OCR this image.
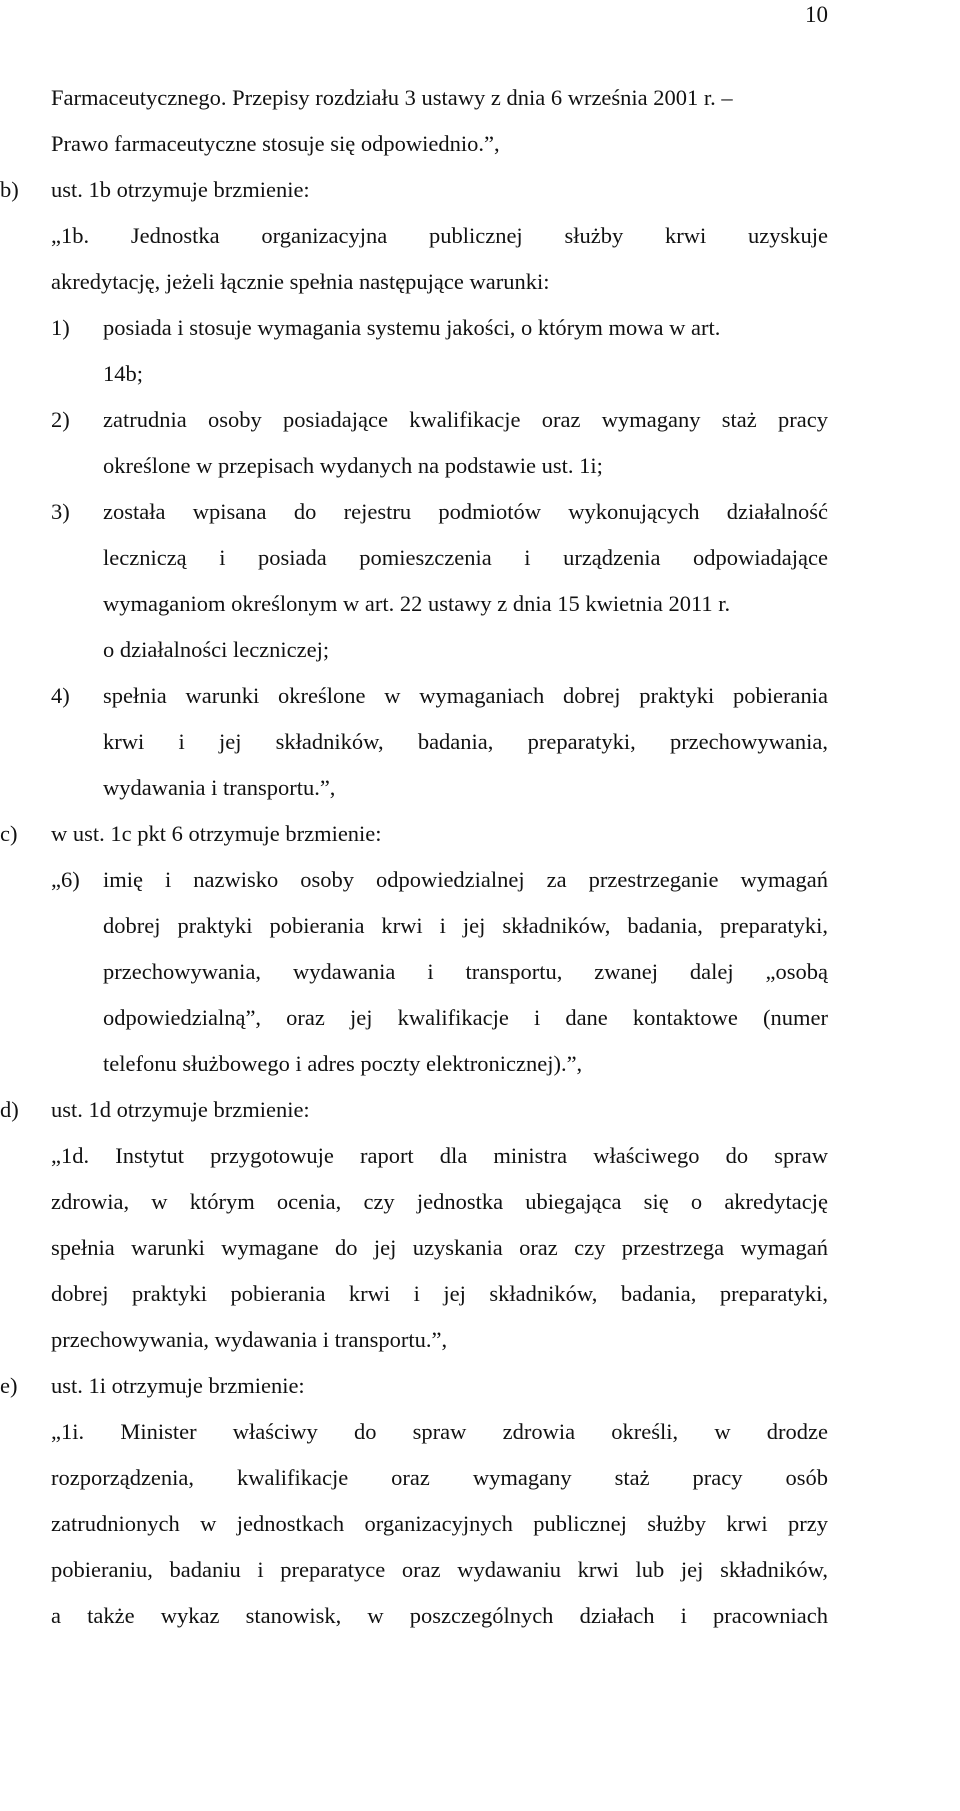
10
Farmaceutycznego. Przepisy rozdziału 3 ustawy z dnia 6 września 2001 r. –
Prawo farmaceutyczne stosuje się odpowiednio.”,
b) ust. 1b otrzymuje brzmienie:
„1b. Jednostka organizacyjna publicznej służby krwi uzyskuje
akredytację, jeżeli łącznie spełnia następujące warunki:
1) posiada i stosuje wymagania systemu jakości, o którym mowa w art.
14b;
2) zatrudnia osoby posiadające kwalifikacje oraz wymagany staż pracy
określone w przepisach wydanych na podstawie ust. 1i;
3) została wpisana do rejestru podmiotów wykonujących działalność
leczniczą i posiada pomieszczenia i urządzenia odpowiadające
wymaganiom określonym w art. 22 ustawy z dnia 15 kwietnia 2011 r.
o działalności leczniczej;
4) spełnia warunki określone w wymaganiach dobrej praktyki pobierania
krwi i jej składników, badania, preparatyki, przechowywania,
wydawania i transportu.”,
c) w ust. 1c pkt 6 otrzymuje brzmienie:
„6) imię i nazwisko osoby odpowiedzialnej za przestrzeganie wymagań
dobrej praktyki pobierania krwi i jej składników, badania, preparatyki,
przechowywania, wydawania i transportu, zwanej dalej „osobą
odpowiedzialną”, oraz jej kwalifikacje i dane kontaktowe (numer
telefonu służbowego i adres poczty elektronicznej).”,
d) ust. 1d otrzymuje brzmienie:
„1d. Instytut przygotowuje raport dla ministra właściwego do spraw
zdrowia, w którym ocenia, czy jednostka ubiegająca się o akredytację
spełnia warunki wymagane do jej uzyskania oraz czy przestrzega wymagań
dobrej praktyki pobierania krwi i jej składników, badania, preparatyki,
przechowywania, wydawania i transportu.”,
e) ust. 1i otrzymuje brzmienie:
„1i. Minister właściwy do spraw zdrowia określi, w drodze
rozporządzenia, kwalifikacje oraz wymagany staż pracy osób
zatrudnionych w jednostkach organizacyjnych publicznej służby krwi przy
pobieraniu, badaniu i preparatyce oraz wydawaniu krwi lub jej składników,
a także wykaz stanowisk, w poszczególnych działach i pracowniach
